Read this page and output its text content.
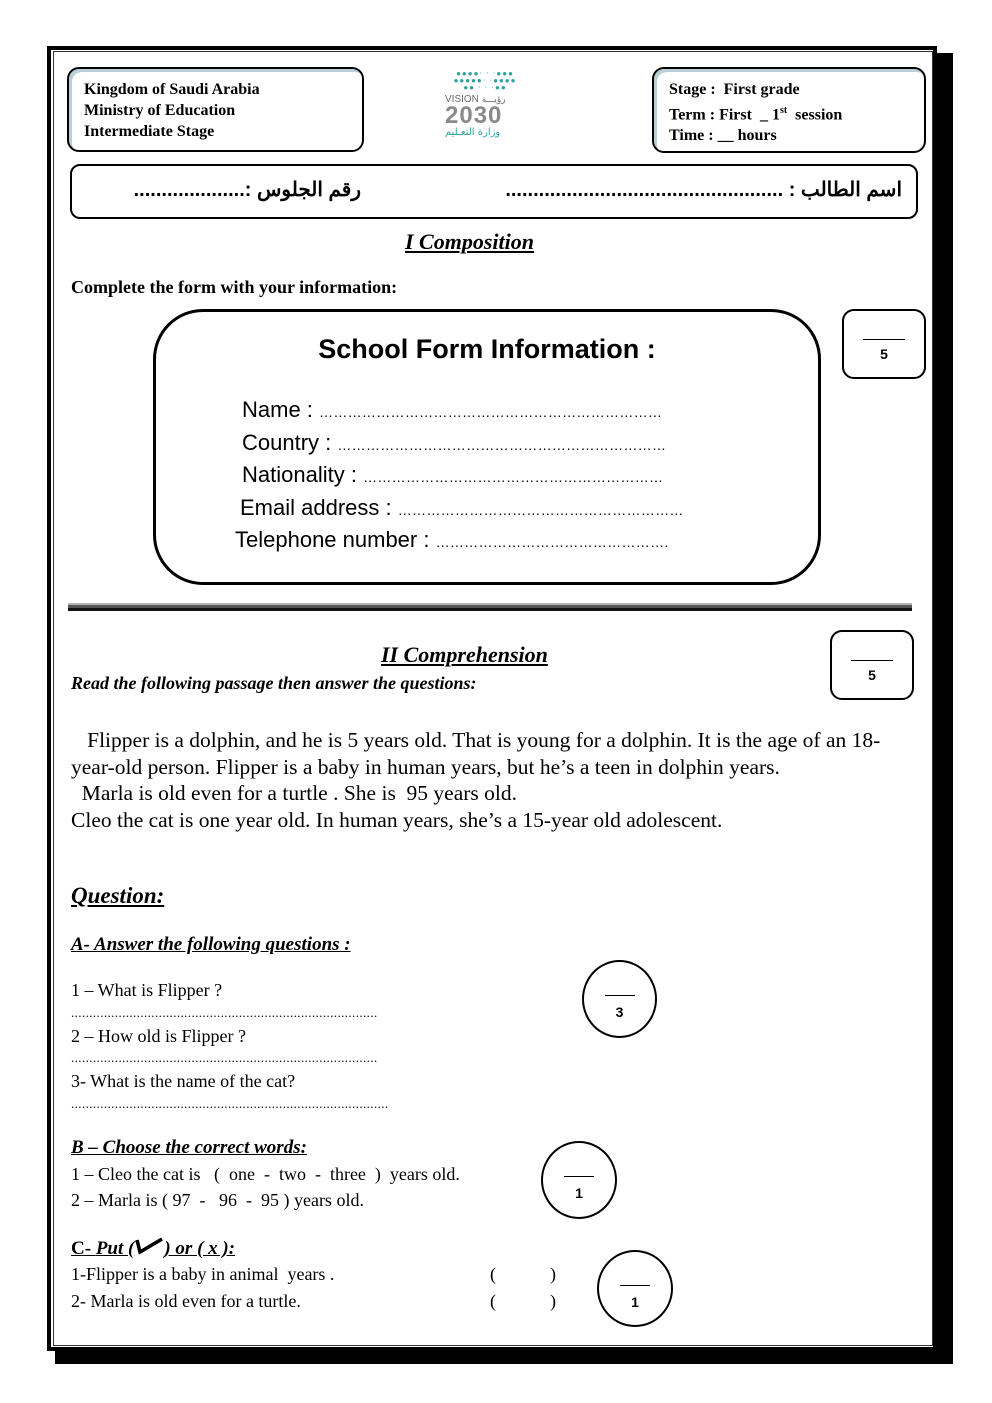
Kingdom of Saudi Arabia
Ministry of Education
Intermediate Stage
●●●●· · ·●●●
●●●●●· ·●●●●
●● · · ·●●
VISION رؤيـــة
2030
وزارة التعـليم
Stage :  First grade
Term : First  _ 1st  session
Time : __ hours
اسم الطالب : ..................................................
رقم الجلوس :....................
I Composition
Complete the form with your information:
School Form Information :
Name : ………………………………………………………………
Country : ……………………………………………………………
Nationality : ………………………………………………………
Email address : ……………………………………………………
Telephone number : ………………………………………….
5
II Comprehension
Read the following passage then answer the questions:	5

Flipper is a dolphin, and he is 5 years old. That is young for a dolphin. It is the age of an 18-year-old person. Flipper is a baby in human years, but he’s a teen in dolphin years.

Marla is old even for a turtle . She is  95 years old.

Cleo the cat is one year old. In human years, she’s a 15-year old adolescent.

Question:
A- Answer the following questions :
1 – What is Flipper ?
....................................................................................
2 – How old is Flipper ?
....................................................................................
3- What is the name of the cat?
.......................................................................................
3
B – Choose the correct words:
1 – Cleo the cat is   (  one  -  two  -  three  )  years old.
2 – Marla is ( 97  -   96  -  95 ) years old.	1
C- Put ( ) or ( x ):
1-Flipper is a baby in animal  years .	(	)
2- Marla is old even for a turtle.	(	)	1
